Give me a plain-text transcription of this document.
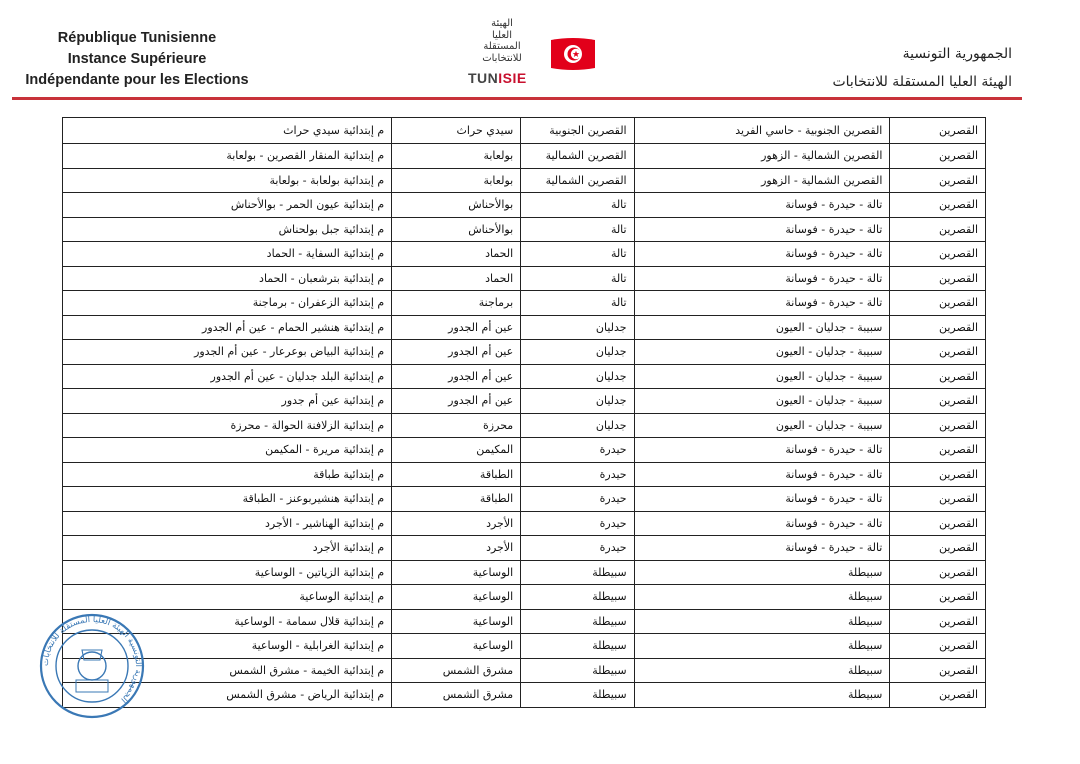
République Tunisienne
Instance Supérieure
Indépendante pour les Elections
الهيئة
العليا
المستقلة
للانتخابات
TUNISIE
الجمهورية التونسية
الهيئة العليا المستقلة للانتخابات
القصرين	القصرين الجنوبية - حاسي الفريد	القصرين الجنوبية	سيدي حراث	م إبتدائية سيدي حراث
القصرين	القصرين الشمالية - الزهور	القصرين الشمالية	بولعابة	م إبتدائية المنقار القصرين - بولعابة
القصرين	القصرين الشمالية - الزهور	القصرين الشمالية	بولعابة	م إبتدائية بولعابة - بولعابة
القصرين	تالة - حيدرة - فوسانة	تالة	بوالأحناش	م إبتدائية عيون الحمر - بوالأحناش
القصرين	تالة - حيدرة - فوسانة	تالة	بوالأحناش	م إبتدائية جبل بولحناش
القصرين	تالة - حيدرة - فوسانة	تالة	الحماد	م إبتدائية السفاية - الحماد
القصرين	تالة - حيدرة - فوسانة	تالة	الحماد	م إبتدائية بترشعبان - الحماد
القصرين	تالة - حيدرة - فوسانة	تالة	برماجنة	م إبتدائية الزعفران - برماجنة
القصرين	سبيبة - جدليان - العيون	جدليان	عين أم الجدور	م إبتدائية هنشير الحمام - عين أم الجدور
القصرين	سبيبة - جدليان - العيون	جدليان	عين أم الجدور	م إبتدائية البياض بوعرعار - عين أم الجدور
القصرين	سبيبة - جدليان - العيون	جدليان	عين أم الجدور	م إبتدائية البلد جدليان - عين أم الجدور
القصرين	سبيبة - جدليان - العيون	جدليان	عين أم الجدور	م إبتدائية عين أم جدور
القصرين	سبيبة - جدليان - العيون	جدليان	محرزة	م إبتدائية الزلافنة الحوالة - محرزة
القصرين	تالة - حيدرة - فوسانة	حيدرة	المكيمن	م إبتدائية مريرة - المكيمن
القصرين	تالة - حيدرة - فوسانة	حيدرة	الطباقة	م إبتدائية طباقة
القصرين	تالة - حيدرة - فوسانة	حيدرة	الطباقة	م إبتدائية هنشيربوعنز - الطباقة
القصرين	تالة - حيدرة - فوسانة	حيدرة	الأجرد	م إبتدائية الهناشير - الأجرد
القصرين	تالة - حيدرة - فوسانة	حيدرة	الأجرد	م إبتدائية الأجرد
القصرين	سبيطلة	سبيطلة	الوساعية	م إبتدائية الزياتين - الوساعية
القصرين	سبيطلة	سبيطلة	الوساعية	م إبتدائية الوساعية
القصرين	سبيطلة	سبيطلة	الوساعية	م إبتدائية قلال سمامة - الوساعية
القصرين	سبيطلة	سبيطلة	الوساعية	م إبتدائية الغرابلية - الوساعية
القصرين	سبيطلة	سبيطلة	مشرق الشمس	م إبتدائية الخيمة - مشرق الشمس
القصرين	سبيطلة	سبيطلة	مشرق الشمس	م إبتدائية الرياض - مشرق الشمس
الجمهورية التونسية الهيئة العليا المستقلة للانتخابات
